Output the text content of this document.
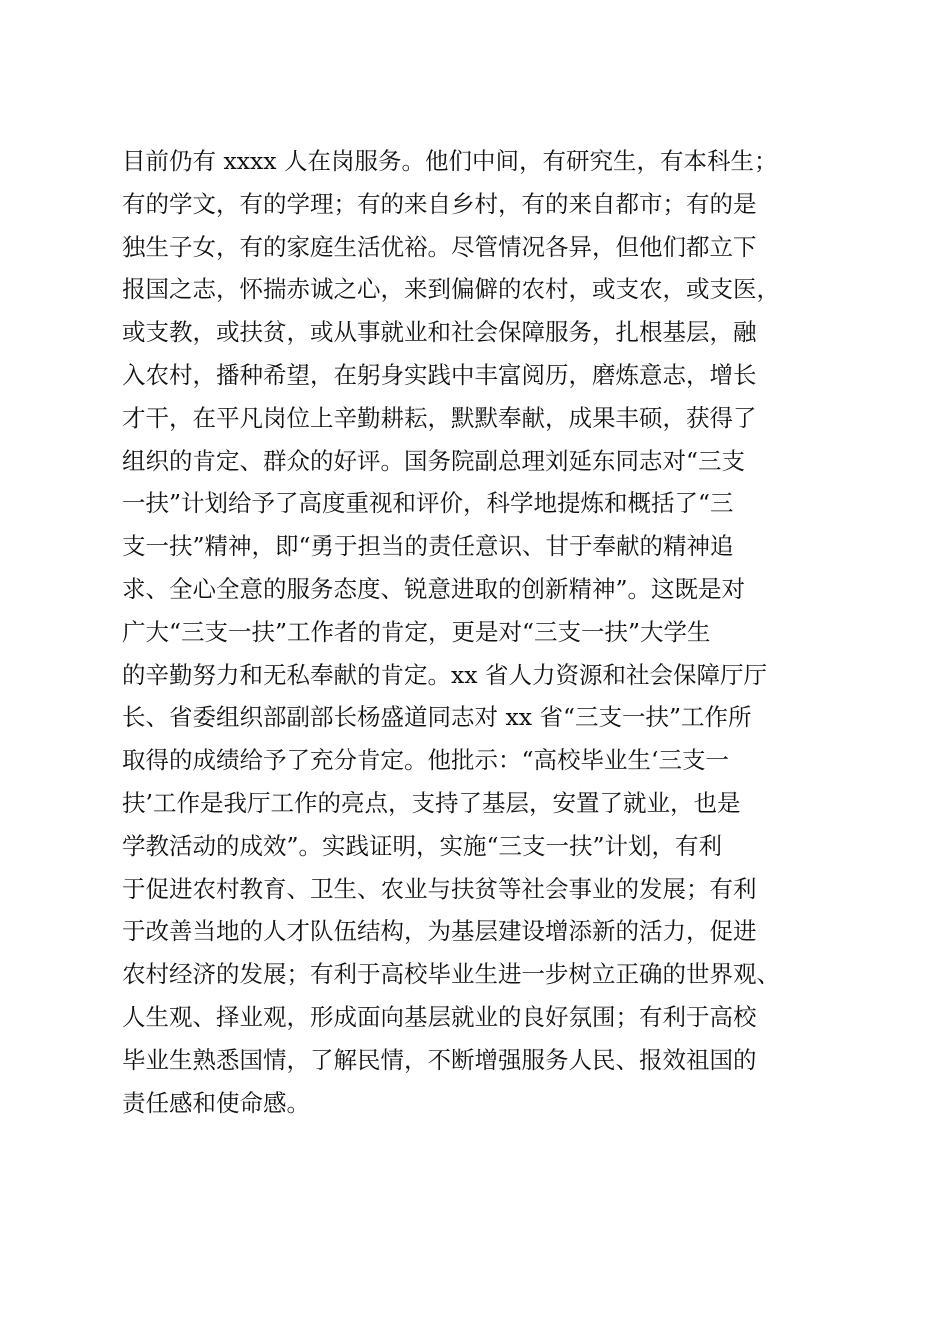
目前仍有 xxxx 人在岗服务。他们中间，有研究生，有本科生；
有的学文，有的学理；有的来自乡村，有的来自都市；有的是
独生子女，有的家庭生活优裕。尽管情况各异，但他们都立下
报国之志，怀揣赤诚之心，来到偏僻的农村，或支农，或支医，
或支教，或扶贫，或从事就业和社会保障服务，扎根基层，融
入农村，播种希望，在躬身实践中丰富阅历，磨炼意志，增长
才干，在平凡岗位上辛勤耕耘，默默奉献，成果丰硕，获得了
组织的肯定、群众的好评。国务院副总理刘延东同志对“三支
一扶”计划给予了高度重视和评价，科学地提炼和概括了“三
支一扶”精神，即“勇于担当的责任意识、甘于奉献的精神追
求、全心全意的服务态度、锐意进取的创新精神”。这既是对
广大“三支一扶”工作者的肯定，更是对“三支一扶”大学生
的辛勤努力和无私奉献的肯定。xx 省人力资源和社会保障厅厅
长、省委组织部副部长杨盛道同志对 xx 省“三支一扶”工作所
取得的成绩给予了充分肯定。他批示：“高校毕业生‘三支一
扶’工作是我厅工作的亮点，支持了基层，安置了就业，也是
学教活动的成效”。实践证明，实施“三支一扶”计划，有利
于促进农村教育、卫生、农业与扶贫等社会事业的发展；有利
于改善当地的人才队伍结构，为基层建设增添新的活力，促进
农村经济的发展；有利于高校毕业生进一步树立正确的世界观、
人生观、择业观，形成面向基层就业的良好氛围；有利于高校
毕业生熟悉国情，了解民情，不断增强服务人民、报效祖国的
责任感和使命感。
